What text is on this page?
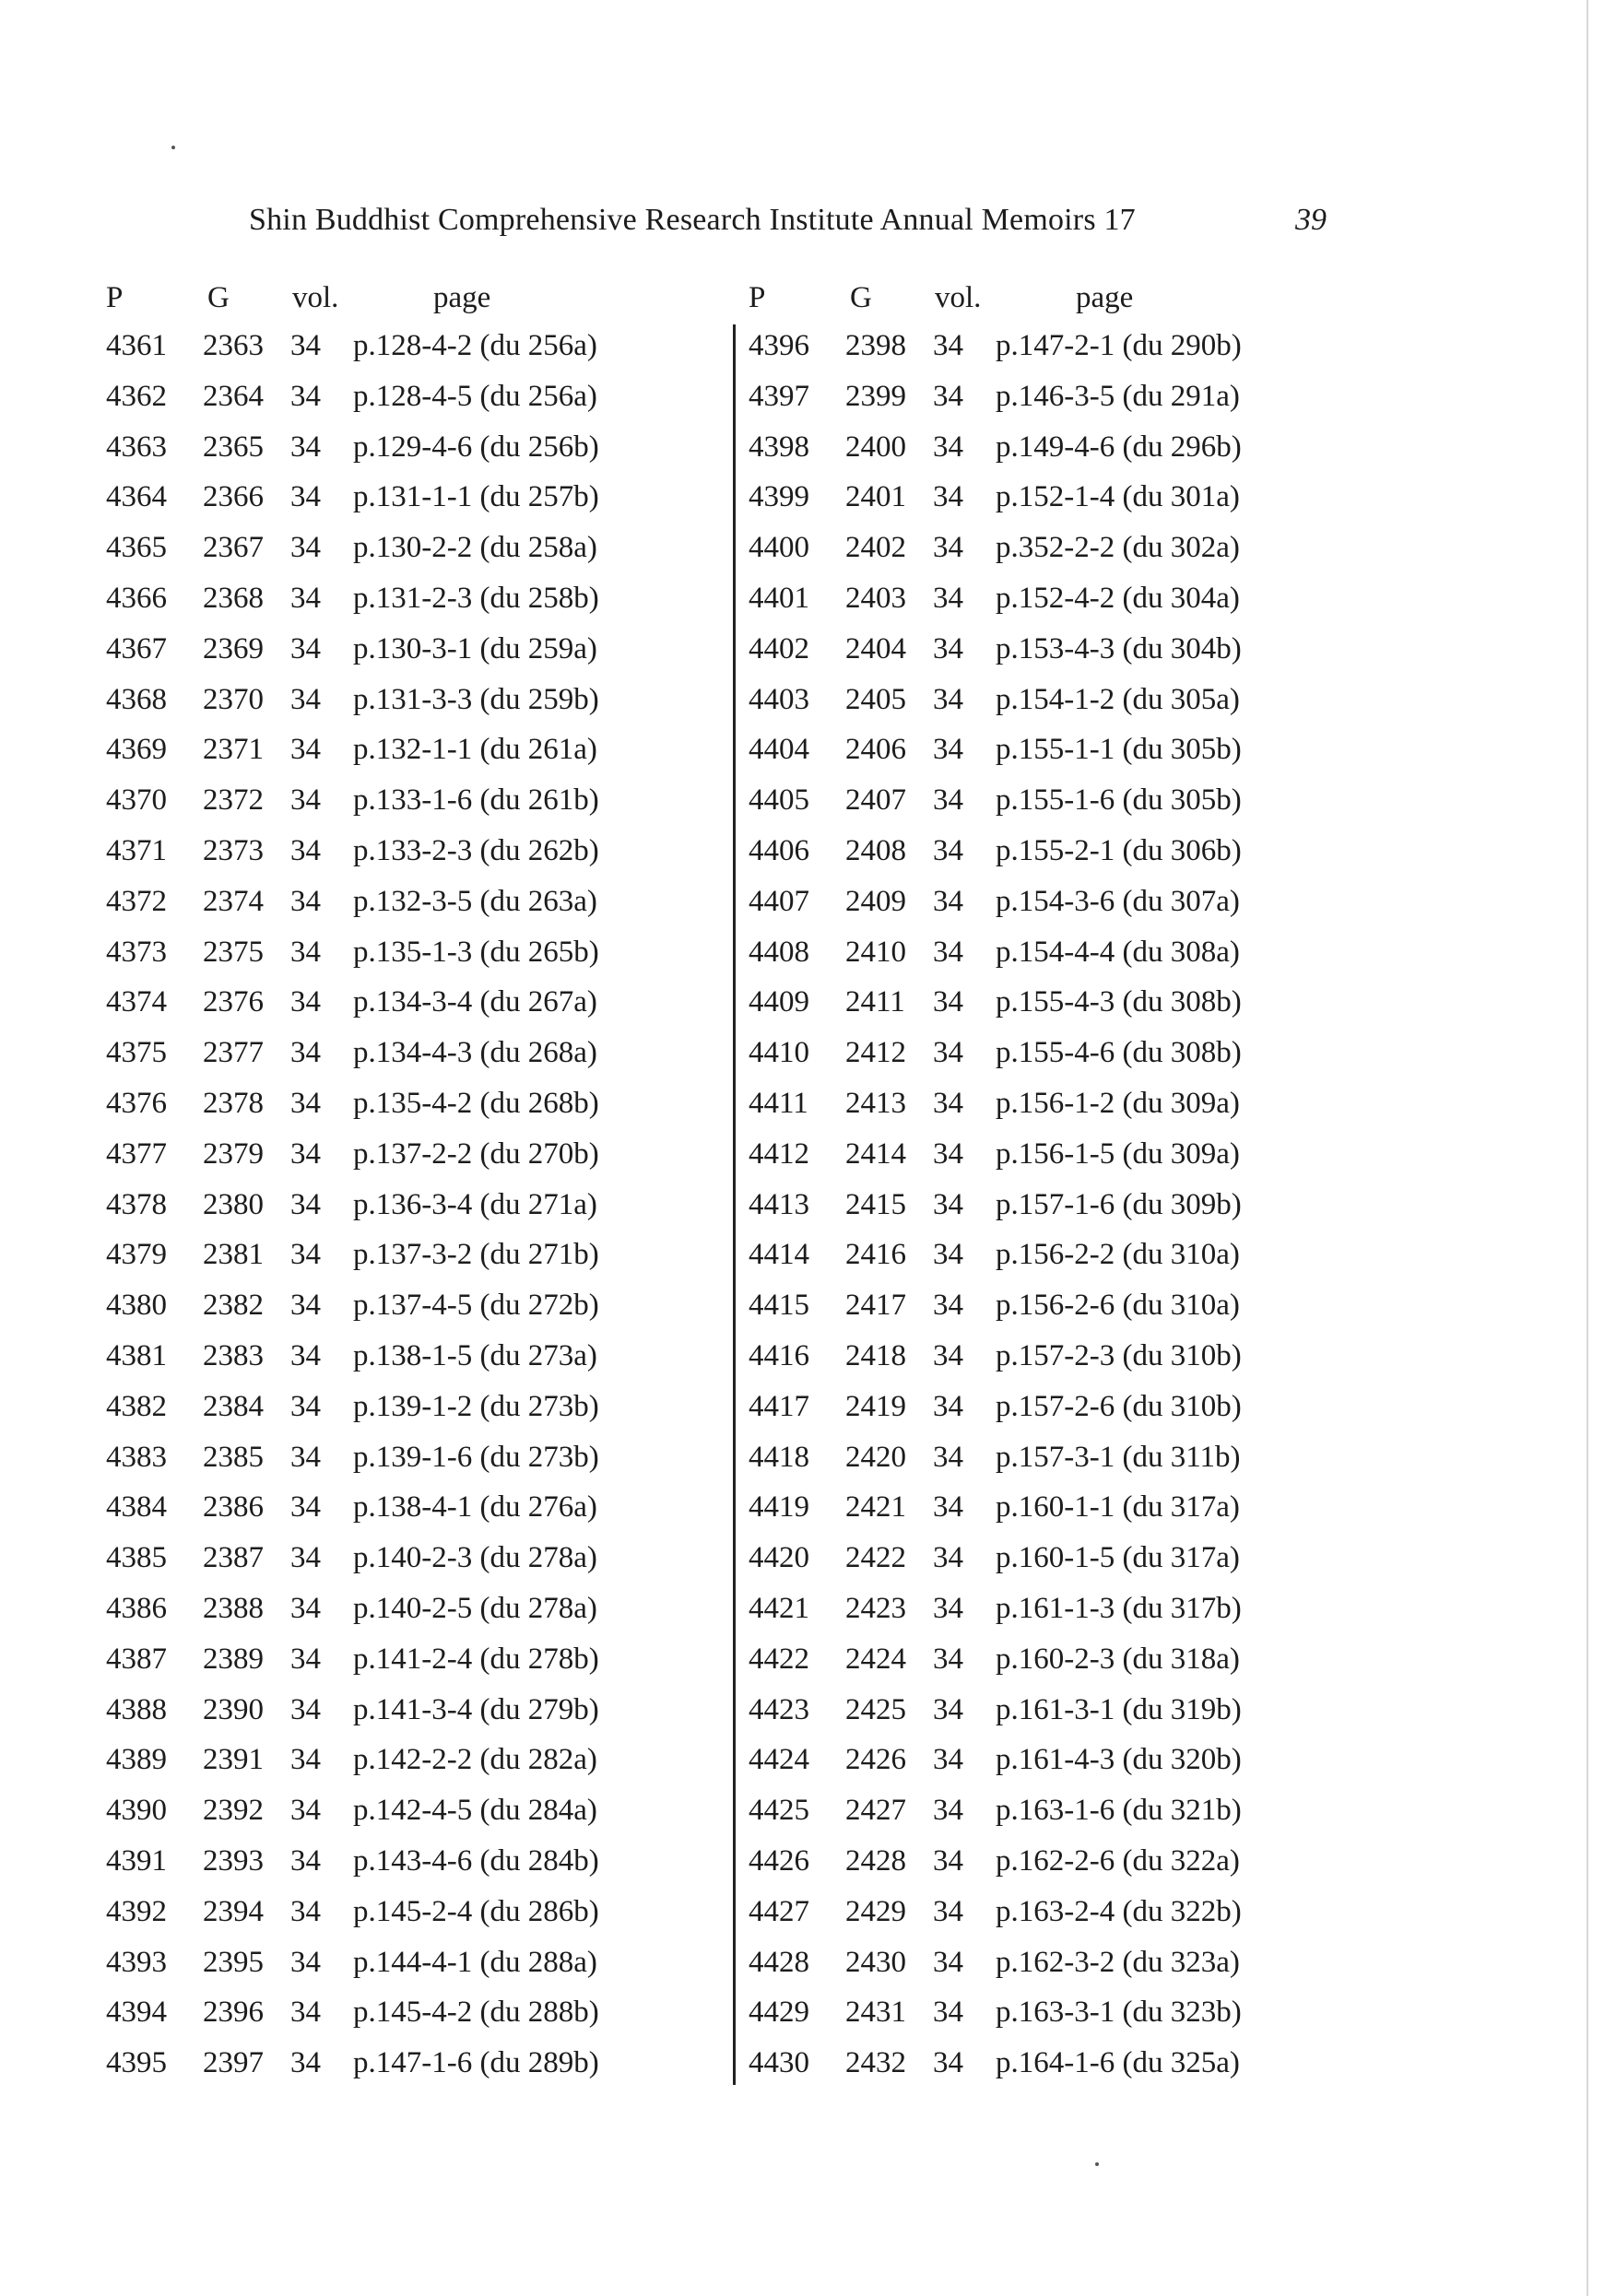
Shin Buddhist Comprehensive Research Institute Annual Memoirs 17	39
P	G vol.	page
4361 2363 34 p.128-4-2 (du 256a)
4362 2364 34 p.128-4-5 (du 256a)
4363 2365 34 p.129-4-6 (du 256b)
4364 2366 34 p.131-1-1 (du 257b)
4365 2367 34 p.130-2-2 (du 258a)
4366 2368 34 p.131-2-3 (du 258b)
4367 2369 34 p.130-3-1 (du 259a)
4368 2370 34 p.131-3-3 (du 259b)
4369 2371 34 p.132-1-1 (du 261a)
4370 2372 34 p.133-1-6 (du 261b)
4371 2373 34 p.133-2-3 (du 262b)
4372 2374 34 p.132-3-5 (du 263a)
4373 2375 34 p.135-1-3 (du 265b)
4374 2376 34 p.134-3-4 (du 267a)
4375 2377 34 p.134-4-3 (du 268a)
4376 2378 34 p.135-4-2 (du 268b)
4377 2379 34 p.137-2-2 (du 270b)
4378 2380 34 p.136-3-4 (du 271a)
4379 2381 34 p.137-3-2 (du 271b)
4380 2382 34 p.137-4-5 (du 272b)
4381 2383 34 p.138-1-5 (du 273a)
4382 2384 34 p.139-1-2 (du 273b)
4383 2385 34 p.139-1-6 (du 273b)
4384 2386 34 p.138-4-1 (du 276a)
4385 2387 34 p.140-2-3 (du 278a)
4386 2388 34 p.140-2-5 (du 278a)
4387 2389 34 p.141-2-4 (du 278b)
4388 2390 34 p.141-3-4 (du 279b)
4389 2391 34 p.142-2-2 (du 282a)
4390 2392 34 p.142-4-5 (du 284a)
4391 2393 34 p.143-4-6 (du 284b)
4392 2394 34 p.145-2-4 (du 286b)
4393 2395 34 p.144-4-1 (du 288a)
4394 2396 34 p.145-4-2 (du 288b)
4395 2397 34 p.147-1-6 (du 289b)
P	G vol.	page
4396 2398 34 p.147-2-1 (du 290b)
4397 2399 34 p.146-3-5 (du 291a)
4398 2400 34 p.149-4-6 (du 296b)
4399 2401 34 p.152-1-4 (du 301a)
4400 2402 34 p.352-2-2 (du 302a)
4401 2403 34 p.152-4-2 (du 304a)
4402 2404 34 p.153-4-3 (du 304b)
4403 2405 34 p.154-1-2 (du 305a)
4404 2406 34 p.155-1-1 (du 305b)
4405 2407 34 p.155-1-6 (du 305b)
4406 2408 34 p.155-2-1 (du 306b)
4407 2409 34 p.154-3-6 (du 307a)
4408 2410 34 p.154-4-4 (du 308a)
4409 2411 34 p.155-4-3 (du 308b)
4410 2412 34 p.155-4-6 (du 308b)
4411 2413 34 p.156-1-2 (du 309a)
4412 2414 34 p.156-1-5 (du 309a)
4413 2415 34 p.157-1-6 (du 309b)
4414 2416 34 p.156-2-2 (du 310a)
4415 2417 34 p.156-2-6 (du 310a)
4416 2418 34 p.157-2-3 (du 310b)
4417 2419 34 p.157-2-6 (du 310b)
4418 2420 34 p.157-3-1 (du 311b)
4419 2421 34 p.160-1-1 (du 317a)
4420 2422 34 p.160-1-5 (du 317a)
4421 2423 34 p.161-1-3 (du 317b)
4422 2424 34 p.160-2-3 (du 318a)
4423 2425 34 p.161-3-1 (du 319b)
4424 2426 34 p.161-4-3 (du 320b)
4425 2427 34 p.163-1-6 (du 321b)
4426 2428 34 p.162-2-6 (du 322a)
4427 2429 34 p.163-2-4 (du 322b)
4428 2430 34 p.162-3-2 (du 323a)
4429 2431 34 p.163-3-1 (du 323b)
4430 2432 34 p.164-1-6 (du 325a)
